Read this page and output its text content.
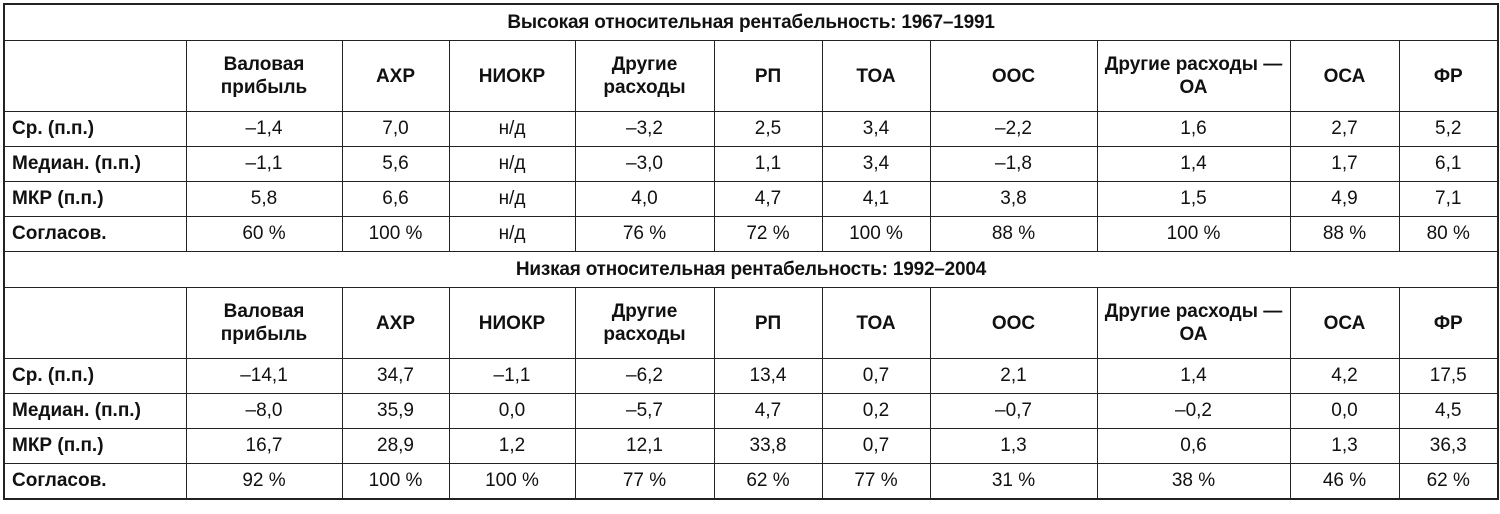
Высокая относительная рентабельность: 1967–1991										
	Валовая прибыль	АХР	НИОКР	Другие расходы	РП	ТОА	ООС	Другие расходы — ОА	ОСА	ФР
Ср. (п.п.)	–1,4	7,0	н/д	–3,2	2,5	3,4	–2,2	1,6	2,7	5,2
Медиан. (п.п.)	–1,1	5,6	н/д	–3,0	1,1	3,4	–1,8	1,4	1,7	6,1
МКР (п.п.)	5,8	6,6	н/д	4,0	4,7	4,1	3,8	1,5	4,9	7,1
Согласов.	60 %	100 %	н/д	76 %	72 %	100 %	88 %	100 %	88 %	80 %
Низкая относительная рентабельность: 1992–2004										
	Валовая прибыль	АХР	НИОКР	Другие расходы	РП	ТОА	ООС	Другие расходы — ОА	ОСА	ФР
Ср. (п.п.)	–14,1	34,7	–1,1	–6,2	13,4	0,7	2,1	1,4	4,2	17,5
Медиан. (п.п.)	–8,0	35,9	0,0	–5,7	4,7	0,2	–0,7	–0,2	0,0	4,5
МКР (п.п.)	16,7	28,9	1,2	12,1	33,8	0,7	1,3	0,6	1,3	36,3
Согласов.	92 %	100 %	100 %	77 %	62 %	77 %	31 %	38 %	46 %	62 %
